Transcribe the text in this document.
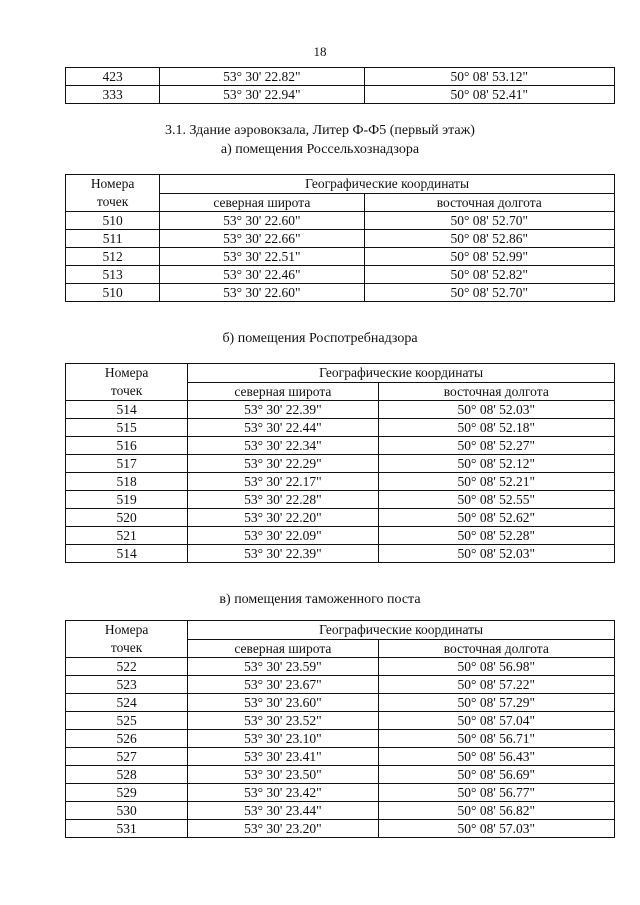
18
423	53° 30' 22.82"	50° 08' 53.12"
333	53° 30' 22.94"	50° 08' 52.41"
3.1. Здание аэровокзала, Литер Ф-Ф5 (первый этаж)
а) помещения Россельхознадзора
Номера
точек	Географические координаты	
	северная широта	восточная долгота
510	53° 30' 22.60"	50° 08' 52.70"
511	53° 30' 22.66"	50° 08' 52.86"
512	53° 30' 22.51"	50° 08' 52.99"
513	53° 30' 22.46"	50° 08' 52.82"
510	53° 30' 22.60"	50° 08' 52.70"
б) помещения Роспотребнадзора
Номера
точек	Географические координаты	
	северная широта	восточная долгота
514	53° 30' 22.39"	50° 08' 52.03"
515	53° 30' 22.44"	50° 08' 52.18"
516	53° 30' 22.34"	50° 08' 52.27"
517	53° 30' 22.29"	50° 08' 52.12"
518	53° 30' 22.17"	50° 08' 52.21"
519	53° 30' 22.28"	50° 08' 52.55"
520	53° 30' 22.20"	50° 08' 52.62"
521	53° 30' 22.09"	50° 08' 52.28"
514	53° 30' 22.39"	50° 08' 52.03"
в) помещения таможенного поста
Номера
точек	Географические координаты	
	северная широта	восточная долгота
522	53° 30' 23.59"	50° 08' 56.98"
523	53° 30' 23.67"	50° 08' 57.22"
524	53° 30' 23.60"	50° 08' 57.29"
525	53° 30' 23.52"	50° 08' 57.04"
526	53° 30' 23.10"	50° 08' 56.71"
527	53° 30' 23.41"	50° 08' 56.43"
528	53° 30' 23.50"	50° 08' 56.69"
529	53° 30' 23.42"	50° 08' 56.77"
530	53° 30' 23.44"	50° 08' 56.82"
531	53° 30' 23.20"	50° 08' 57.03"
